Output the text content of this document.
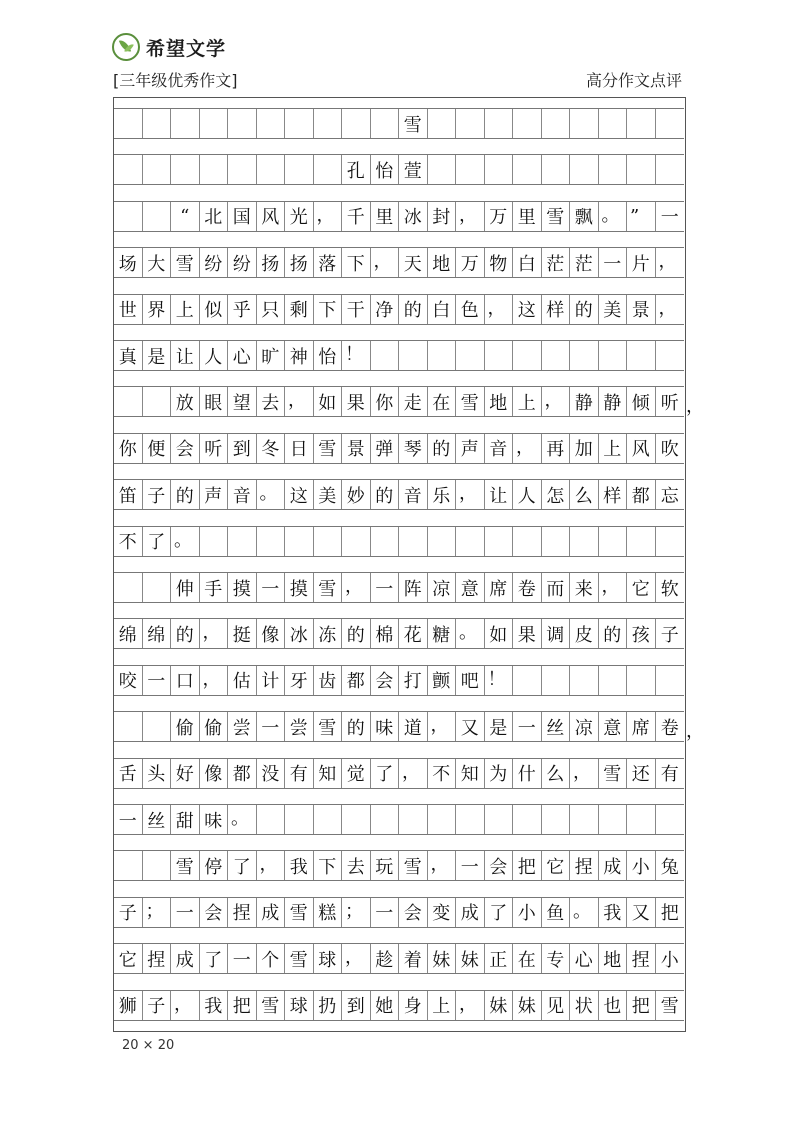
希望文学
[三年级优秀作文]	高分作文点评
雪
孔 怡 萱
“ 北 国 风 光 ， 千 里 冰 封 ， 万 里 雪 飘 。 ”	一
场 大 雪 纷 纷 扬 扬 落 下 ， 天 地 万 物 白 茫 茫 一 片 ，
世 界 上 似 乎 只 剩 下 干 净 的 白 色 ， 这 样 的 美 景 ，
真 是 让 人 心 旷 神 怡 ！
放 眼 望 去 ， 如 果 你 走 在 雪 地 上 ， 静 静 倾 听
你 便 会 听 到 冬 日 雪 景 弹 琴 的 声 音 ， 再 加 上 风 吹
笛 子 的 声 音 。 这 美 妙 的 音 乐 ， 让 人 怎 么 样 都 忘
不 了 。
伸 手 摸 一 摸 雪 ， 一 阵 凉 意 席 卷 而 来 ， 它 软
绵 绵 的 ， 挺 像 冰 冻 的 棉 花 糖 。 如 果 调 皮 的 孩 子
咬 一 口 ， 估 计 牙 齿 都 会 打 颤 吧 ！
偷 偷 尝 一 尝 雪 的 味 道 ， 又 是 一 丝 凉 意 席 卷
舌 头 好 像 都 没 有 知 觉 了 ， 不 知 为 什 么 ， 雪 还 有
一 丝 甜 味 。
雪 停 了 ， 我 下 去 玩 雪 ， 一 会 把 它 捏 成 小 兔
子 ； 一 会 捏 成 雪 糕 ； 一 会 变 成 了 小 鱼 。 我 又 把
它 捏 成 了 一 个 雪 球 ， 趁 着 妹 妹 正 在 专 心 地 捏 小
狮 子 ， 我 把 雪 球 扔 到 她 身 上 ， 妹 妹 见 状 也 把 雪
，
，
20 × 20
